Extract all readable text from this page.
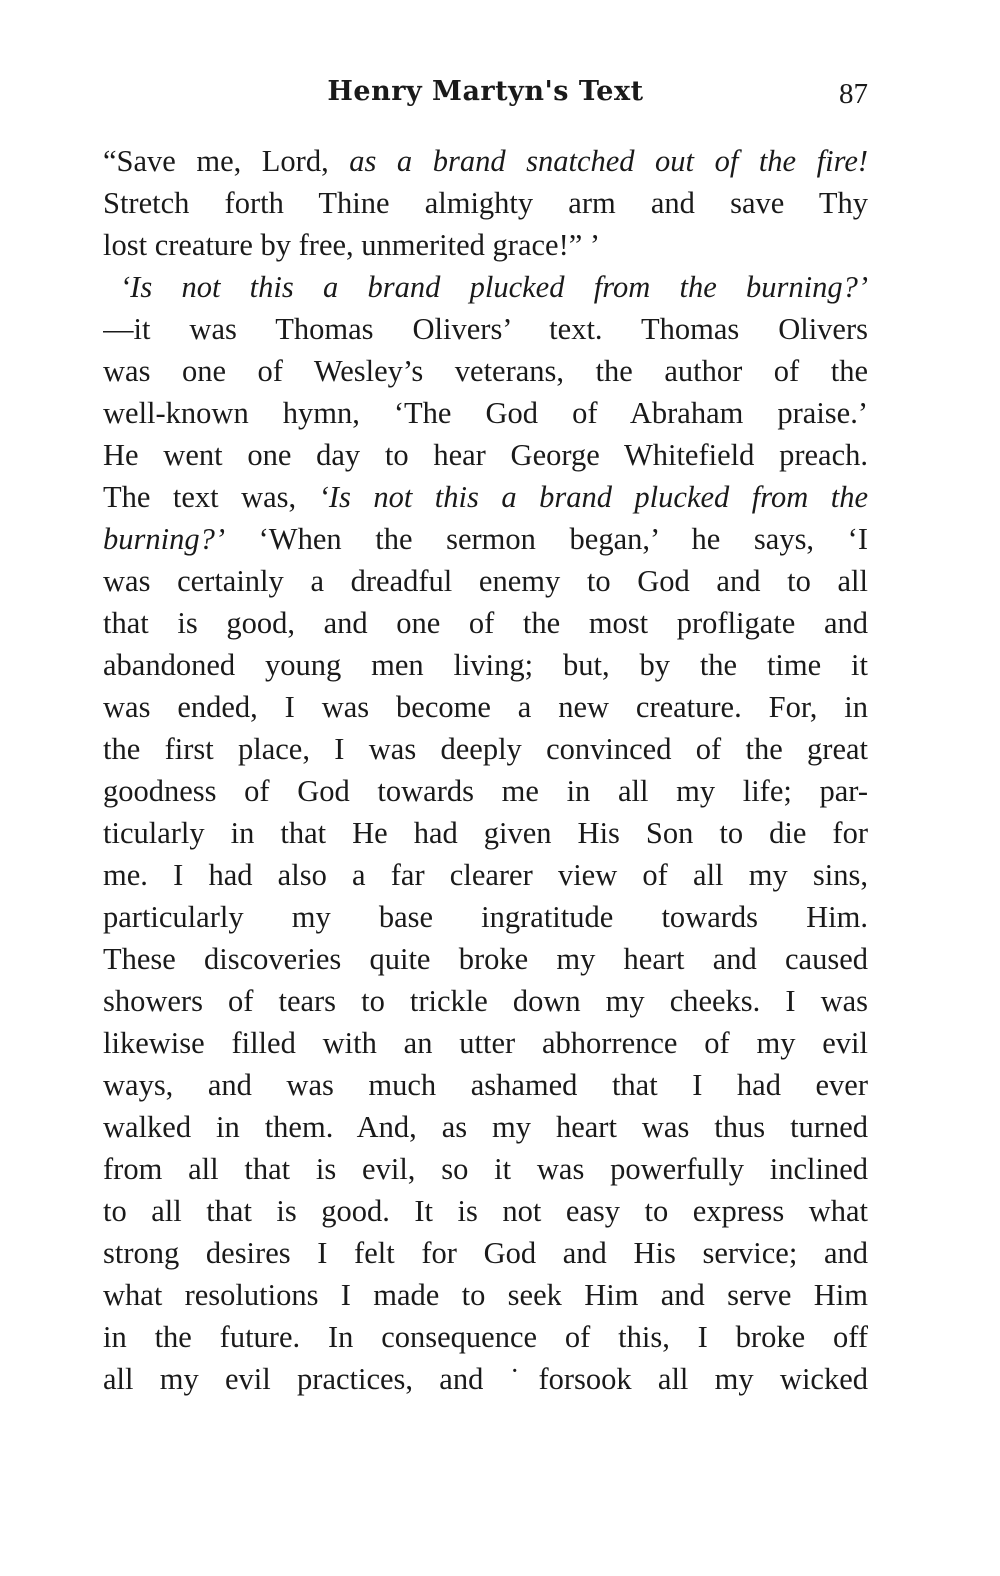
Henry Martyn's Text	87
“Save me, Lord, as a brand snatched out of the fire!
Stretch forth Thine almighty arm and save Thy
lost creature by free, unmerited grace!” ’
‘Is not this a brand plucked from the burning?’
—it was Thomas Olivers’ text. Thomas Olivers
was one of Wesley’s veterans, the author of the
well-known hymn, ‘The God of Abraham praise.’
He went one day to hear George Whitefield preach.
The text was, ‘Is not this a brand plucked from the
burning?’ ‘When the sermon began,’ he says, ‘I
was certainly a dreadful enemy to God and to all
that is good, and one of the most profligate and
abandoned young men living; but, by the time it
was ended, I was become a new creature. For, in
the first place, I was deeply convinced of the great
goodness of God towards me in all my life; par-
ticularly in that He had given His Son to die for
me. I had also a far clearer view of all my sins,
particularly my base ingratitude towards Him.
These discoveries quite broke my heart and caused
showers of tears to trickle down my cheeks. I was
likewise filled with an utter abhorrence of my evil
ways, and was much ashamed that I had ever
walked in them. And, as my heart was thus turned
from all that is evil, so it was powerfully inclined
to all that is good. It is not easy to express what
strong desires I felt for God and His service; and
what resolutions I made to seek Him and serve Him
in the future. In consequence of this, I broke off
all my evil practices, and ˙forsook all my wicked
